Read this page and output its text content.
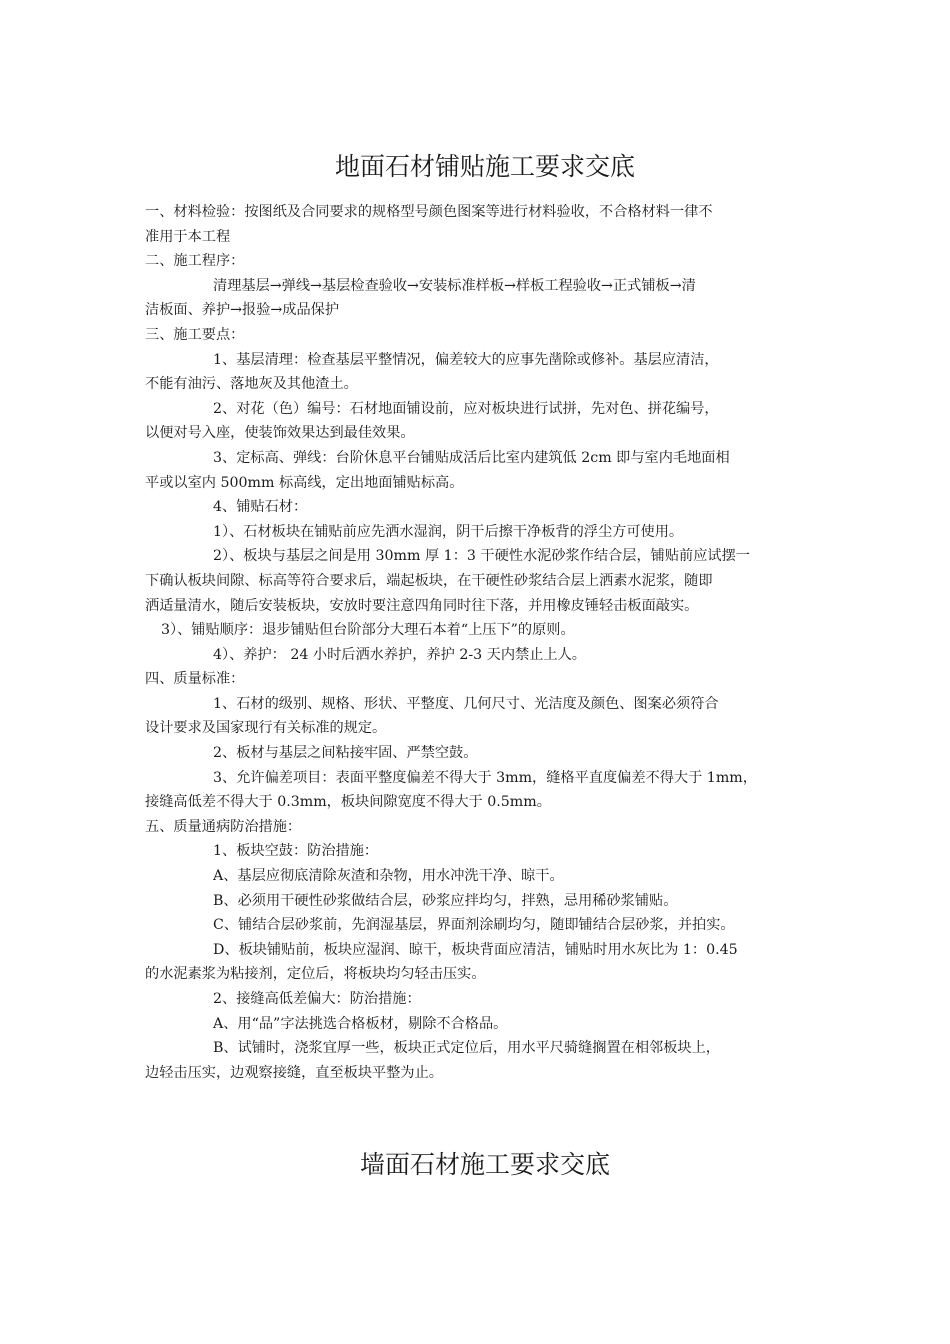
地面石材铺贴施工要求交底
一、材料检验：按图纸及合同要求的规格型号颜色图案等进行材料验收，不合格材料一律不
准用于本工程
二、施工程序：
清理基层→弹线→基层检查验收→安装标准样板→样板工程验收→正式铺板→清
洁板面、养护→报验→成品保护
三、施工要点：
1、基层清理：检查基层平整情况，偏差较大的应事先凿除或修补。基层应清洁，
不能有油污、落地灰及其他渣土。
2、对花（色）编号：石材地面铺设前，应对板块进行试拼，先对色、拼花编号，
以便对号入座，使装饰效果达到最佳效果。
3、定标高、弹线：台阶休息平台铺贴成活后比室内建筑低 2cm 即与室内毛地面相
平或以室内 500mm 标高线，定出地面铺贴标高。
4、铺贴石材：
1）、石材板块在铺贴前应先洒水湿润，阴干后擦干净板背的浮尘方可使用。
2）、板块与基层之间是用 30mm 厚 1：3 干硬性水泥砂浆作结合层，铺贴前应试摆一
下确认板块间隙、标高等符合要求后，端起板块，在干硬性砂浆结合层上洒素水泥浆，随即
洒适量清水，随后安装板块，安放时要注意四角同时往下落，并用橡皮锤轻击板面敲实。
3）、铺贴顺序：退步铺贴但台阶部分大理石本着“上压下”的原则。
4）、养护： 24 小时后洒水养护，养护 2-3 天内禁止上人。
四、质量标准：
1、石材的级别、规格、形状、平整度、几何尺寸、光洁度及颜色、图案必须符合
设计要求及国家现行有关标准的规定。
2、板材与基层之间粘接牢固、严禁空鼓。
3、允许偏差项目：表面平整度偏差不得大于 3mm，缝格平直度偏差不得大于 1mm，
接缝高低差不得大于 0.3mm，板块间隙宽度不得大于 0.5mm。
五、质量通病防治措施：
1、板块空鼓：防治措施：
A、基层应彻底清除灰渣和杂物，用水冲洗干净、晾干。
B、必须用干硬性砂浆做结合层，砂浆应拌均匀，拌熟，忌用稀砂浆铺贴。
C、铺结合层砂浆前，先润湿基层，界面剂涂刷均匀，随即铺结合层砂浆，并拍实。
D、板块铺贴前，板块应湿润、晾干，板块背面应清洁，铺贴时用水灰比为 1：0.45
的水泥素浆为粘接剂，定位后，将板块均匀轻击压实。
2、接缝高低差偏大：防治措施：
A、用“品”字法挑选合格板材，剔除不合格品。
B、试铺时，浇浆宜厚一些，板块正式定位后，用水平尺骑缝搁置在相邻板块上，
边轻击压实，边观察接缝，直至板块平整为止。
墙面石材施工要求交底
